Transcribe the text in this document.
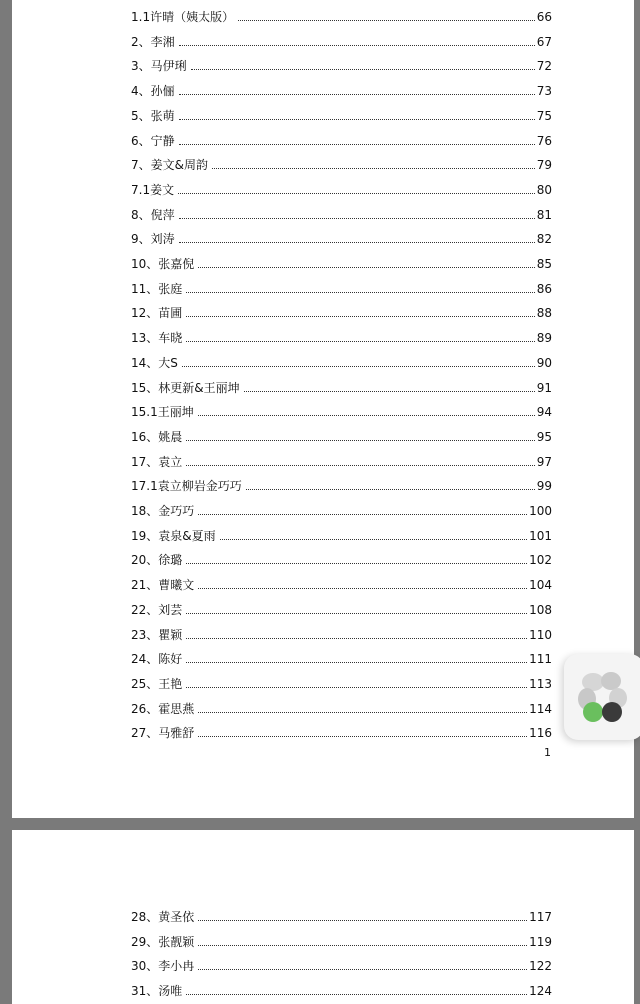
1.1许晴（姨太版）	66
2、李湘	67
3、马伊琍	72
4、孙俪	73
5、张萌	75
6、宁静	76
7、姜文&周韵	79
7.1姜文	80
8、倪萍	81
9、刘涛	82
10、张嘉倪	85
11、张庭	86
12、苗圃	88
13、车晓	89
14、大S	90
15、林更新&王丽坤	91
15.1王丽坤	94
16、姚晨	95
17、袁立	97
17.1袁立柳岩金巧巧	99
18、金巧巧	100
19、袁泉&夏雨	101
20、徐璐	102
21、曹曦文	104
22、刘芸	108
23、瞿颖	110
24、陈好	111
25、王艳	113
26、霍思燕	114
27、马雅舒	116
1
28、黄圣依	117
29、张靓颖	119
30、李小冉	122
31、汤唯	124
